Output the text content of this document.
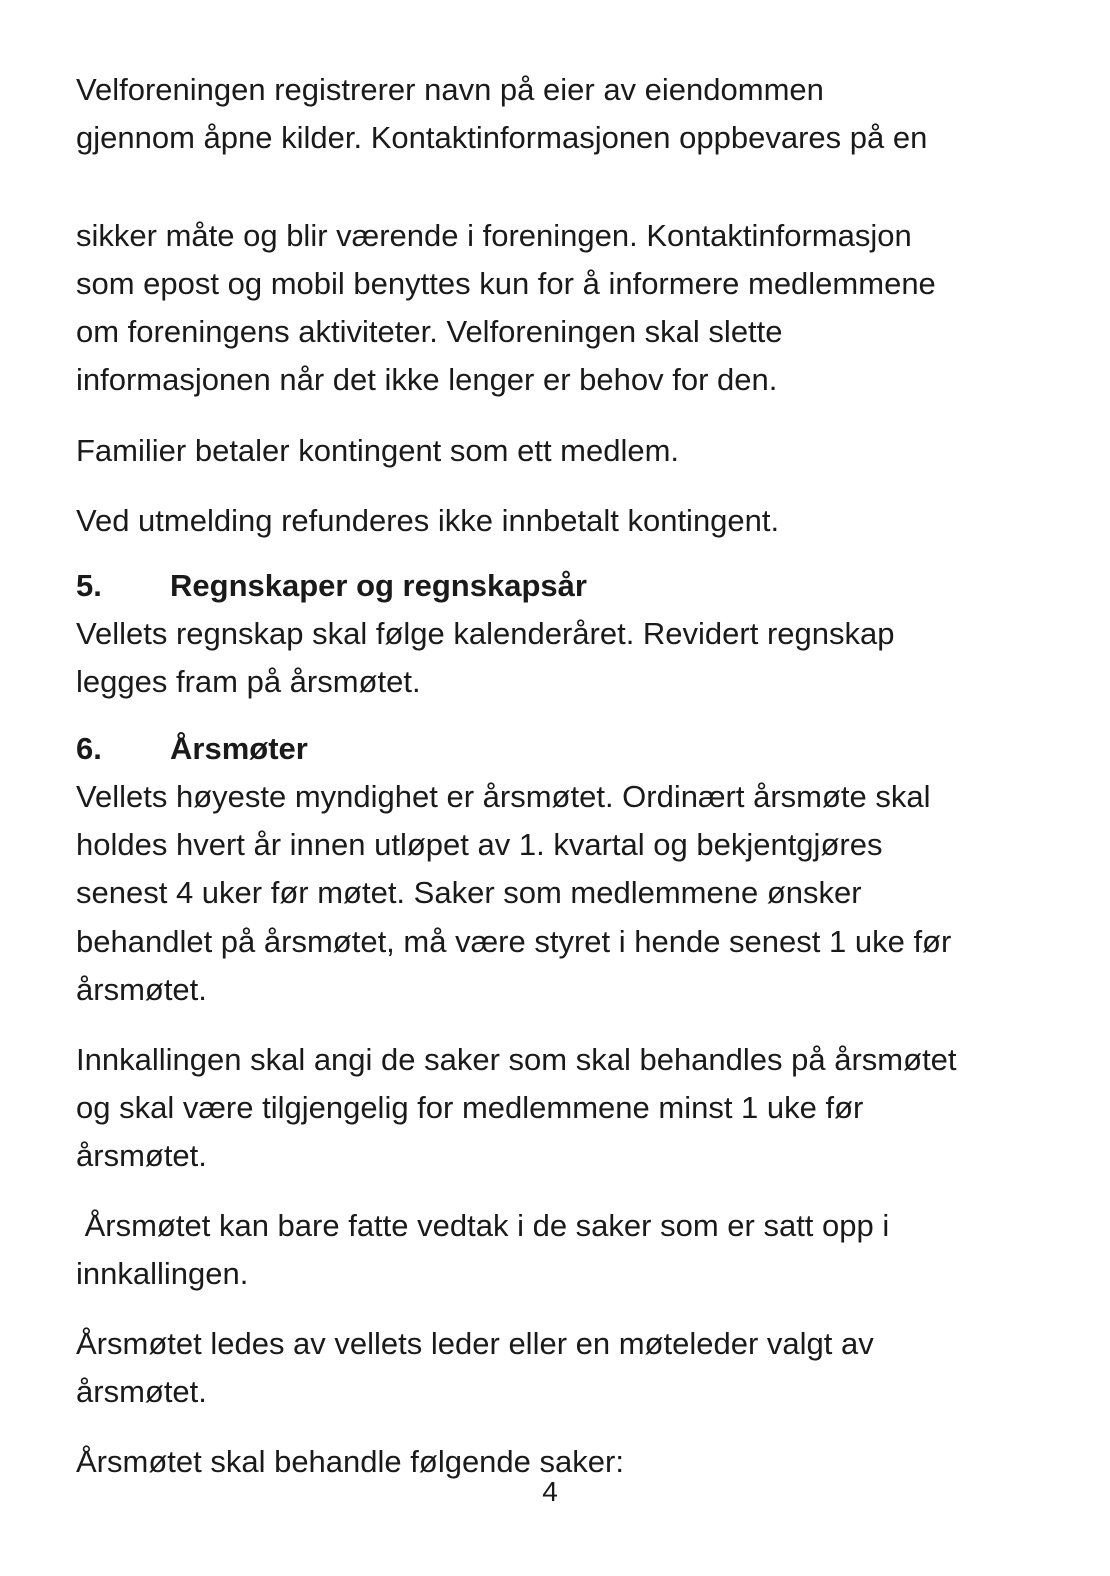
Velforeningen registrerer navn på eier av eiendommen
gjennom åpne kilder. Kontaktinformasjonen oppbevares på en
sikker måte og blir værende i foreningen. Kontaktinformasjon
som epost og mobil benyttes kun for å informere medlemmene
om foreningens aktiviteter. Velforeningen skal slette
informasjonen når det ikke lenger er behov for den.
Familier betaler kontingent som ett medlem.
Ved utmelding refunderes ikke innbetalt kontingent.
5. Regnskaper og regnskapsår
Vellets regnskap skal følge kalenderåret. Revidert regnskap
legges fram på årsmøtet.
6. Årsmøter
Vellets høyeste myndighet er årsmøtet. Ordinært årsmøte skal
holdes hvert år innen utløpet av 1. kvartal og bekjentgjøres
senest 4 uker før møtet. Saker som medlemmene ønsker
behandlet på årsmøtet, må være styret i hende senest 1 uke før
årsmøtet.
Innkallingen skal angi de saker som skal behandles på årsmøtet
og skal være tilgjengelig for medlemmene minst 1 uke før
årsmøtet.
Årsmøtet kan bare fatte vedtak i de saker som er satt opp i
innkallingen.
Årsmøtet ledes av vellets leder eller en møteleder valgt av
årsmøtet.
Årsmøtet skal behandle følgende saker:
4
